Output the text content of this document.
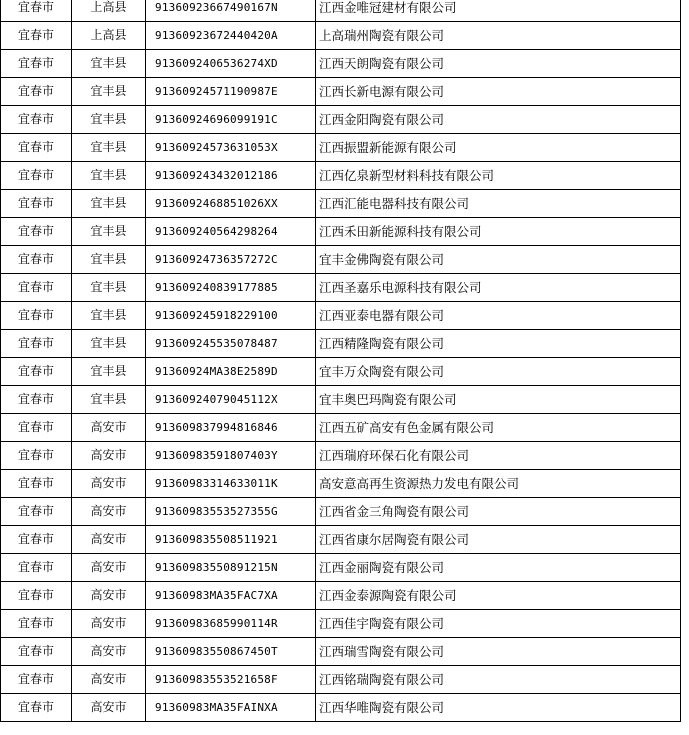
宜春市	上高县	91360923667490167N	江西金唯冠建材有限公司
宜春市	上高县	91360923672440420A	上高瑞州陶瓷有限公司
宜春市	宜丰县	9136092406536274XD	江西天朗陶瓷有限公司
宜春市	宜丰县	91360924571190987E	江西长新电源有限公司
宜春市	宜丰县	91360924696099191C	江西金阳陶瓷有限公司
宜春市	宜丰县	91360924573631053X	江西振盟新能源有限公司
宜春市	宜丰县	913609243432012186	江西亿泉新型材料科技有限公司
宜春市	宜丰县	9136092468851026XX	江西汇能电器科技有限公司
宜春市	宜丰县	913609240564298264	江西禾田新能源科技有限公司
宜春市	宜丰县	91360924736357272C	宜丰金佛陶瓷有限公司
宜春市	宜丰县	913609240839177885	江西圣嘉乐电源科技有限公司
宜春市	宜丰县	913609245918229100	江西亚泰电器有限公司
宜春市	宜丰县	913609245535078487	江西精隆陶瓷有限公司
宜春市	宜丰县	91360924MA38E2589D	宜丰万众陶瓷有限公司
宜春市	宜丰县	91360924079045112X	宜丰奥巴玛陶瓷有限公司
宜春市	高安市	913609837994816846	江西五矿高安有色金属有限公司
宜春市	高安市	91360983591807403Y	江西瑞府环保石化有限公司
宜春市	高安市	91360983314633011K	高安意高再生资源热力发电有限公司
宜春市	高安市	91360983553527355G	江西省金三角陶瓷有限公司
宜春市	高安市	913609835508511921	江西省康尔居陶瓷有限公司
宜春市	高安市	91360983550891215N	江西金丽陶瓷有限公司
宜春市	高安市	91360983MA35FAC7XA	江西金泰源陶瓷有限公司
宜春市	高安市	91360983685990114R	江西佳宇陶瓷有限公司
宜春市	高安市	91360983550867450T	江西瑞雪陶瓷有限公司
宜春市	高安市	91360983553521658F	江西铭瑞陶瓷有限公司
宜春市	高安市	91360983MA35FAINXA	江西华唯陶瓷有限公司
